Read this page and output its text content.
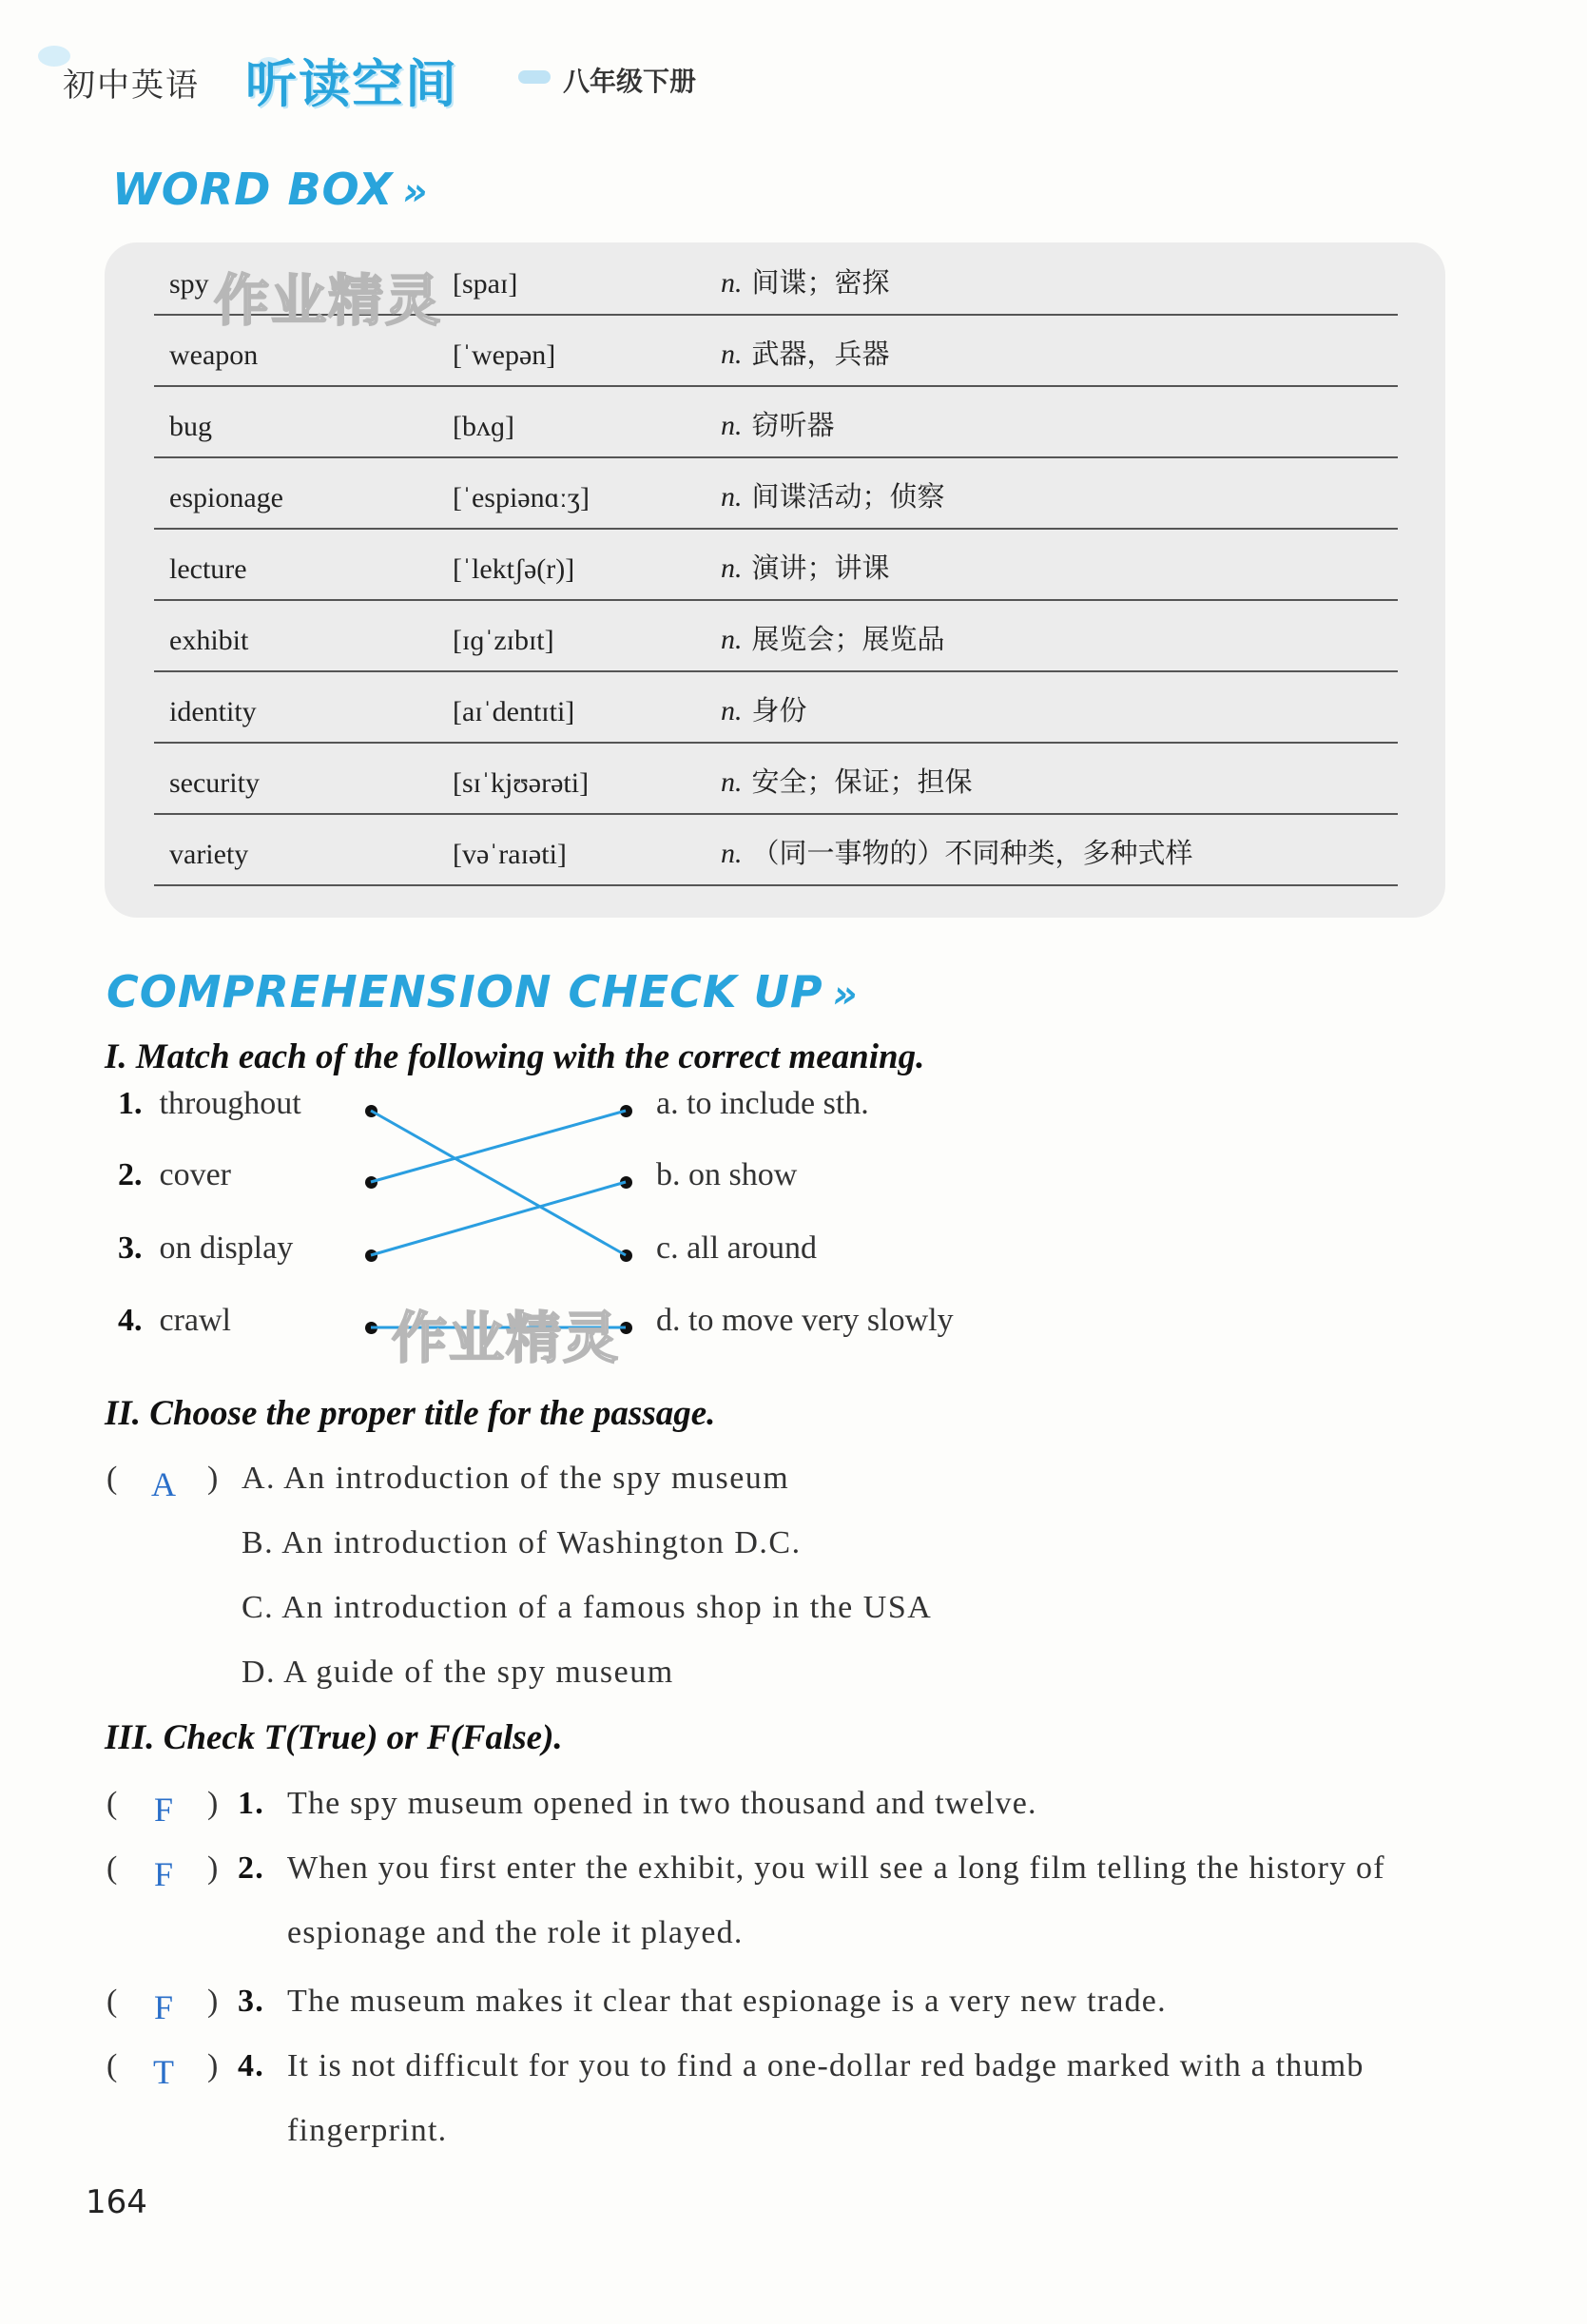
初中英语 听读空间	八年级下册
WORD BOX »
spy	[spaɪ]	n. 间谍；密探
weapon	[ˈwepən]	n. 武器，兵器
bug	[bʌɡ]	n. 窃听器
espionage	[ˈespiənɑːʒ]	n. 间谍活动；侦察
lecture	[ˈlektʃə(r)]	n. 演讲；讲课
exhibit	[ɪɡˈzɪbɪt]	n. 展览会；展览品
identity	[aɪˈdentɪti]	n. 身份
security	[sɪˈkjʊərəti]	n. 安全；保证；担保
variety	[vəˈraɪəti]	n. （同一事物的）不同种类，多种式样
作业精灵
COMPREHENSION CHECK UP »
I. Match each of the following with the correct meaning.
1. throughout
2. cover
3. on display
4. crawl
a. to include sth.
b. on show
c. all around
d. to move very slowly
作业精灵
II. Choose the proper title for the passage.
( A ) A. An introduction of the spy museum
B. An introduction of Washington D.C.
C. An introduction of a famous shop in the USA
D. A guide of the spy museum
III. Check T(True) or F(False).
(	F	) 1. The spy museum opened in two thousand and twelve.
(	F	) 2. When you first enter the exhibit, you will see a long film telling the history of
espionage and the role it played.
(	F	) 3. The museum makes it clear that espionage is a very new trade.
(	T	) 4. It is not difficult for you to find a one-dollar red badge marked with a thumb
fingerprint.
164
